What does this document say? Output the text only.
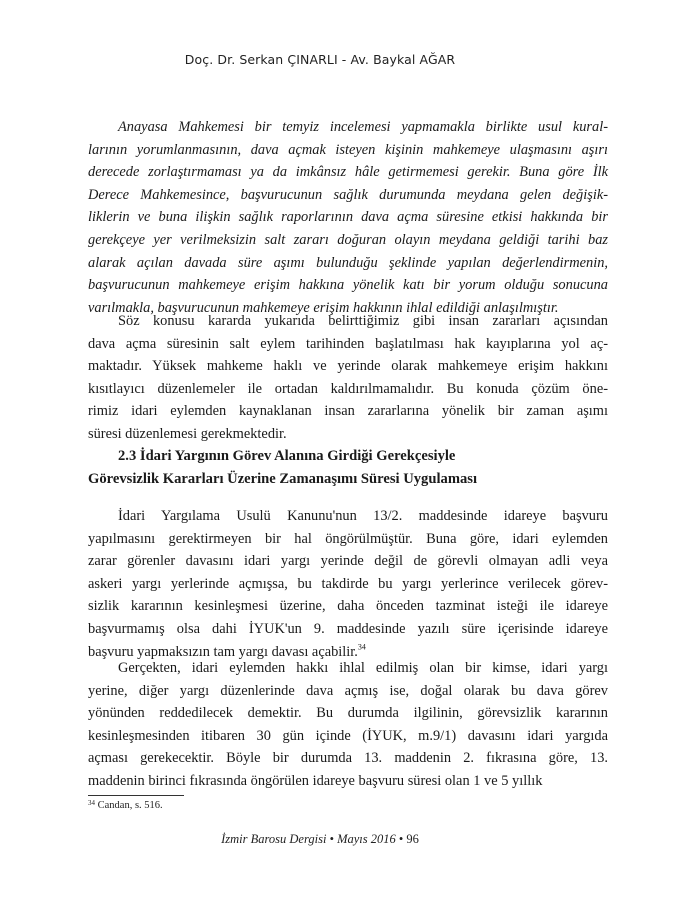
Doç. Dr. Serkan ÇINARLI - Av. Baykal AĞAR
Anayasa Mahkemesi bir temyiz incelemesi yapmamakla birlikte usul kural-
larının yorumlanmasının, dava açmak isteyen kişinin mahkemeye ulaşmasını aşırı
derecede zorlaştırmaması ya da imkânsız hâle getirmemesi gerekir. Buna göre İlk
Derece Mahkemesince, başvurucunun sağlık durumunda meydana gelen değişik-
liklerin ve buna ilişkin sağlık raporlarının dava açma süresine etkisi hakkında bir
gerekçeye yer verilmeksizin salt zararı doğuran olayın meydana geldiği tarihi baz
alarak açılan davada süre aşımı bulunduğu şeklinde yapılan değerlendirmenin,
başvurucunun mahkemeye erişim hakkına yönelik katı bir yorum olduğu sonucuna
varılmakla, başvurucunun mahkemeye erişim hakkının ihlal edildiği anlaşılmıştır.
Söz konusu kararda yukarıda belirttiğimiz gibi insan zararları açısından
dava açma süresinin salt eylem tarihinden başlatılması hak kayıplarına yol aç-
maktadır. Yüksek mahkeme haklı ve yerinde olarak mahkemeye erişim hakkını
kısıtlayıcı düzenlemeler ile ortadan kaldırılmamalıdır. Bu konuda çözüm öne-
rimiz idari eylemden kaynaklanan insan zararlarına yönelik bir zaman aşımı
süresi düzenlemesi gerekmektedir.
2.3 İdari Yargının Görev Alanına Girdiği Gerekçesiyle
Görevsizlik Kararları Üzerine Zamanaşımı Süresi Uygulaması
İdari Yargılama Usulü Kanunu'nun 13/2. maddesinde idareye başvuru
yapılmasını gerektirmeyen bir hal öngörülmüştür. Buna göre, idari eylemden
zarar görenler davasını idari yargı yerinde değil de görevli olmayan adli veya
askeri yargı yerlerinde açmışsa, bu takdirde bu yargı yerlerince verilecek görev-
sizlik kararının kesinleşmesi üzerine, daha önceden tazminat isteği ile idareye
başvurmamış olsa dahi İYUK'un 9. maddesinde yazılı süre içerisinde idareye
başvuru yapmaksızın tam yargı davası açabilir.$^{34}$
Gerçekten, idari eylemden hakkı ihlal edilmiş olan bir kimse, idari yargı
yerine, diğer yargı düzenlerinde dava açmış ise, doğal olarak bu dava görev
yönünden reddedilecek demektir. Bu durumda ilgilinin, görevsizlik kararının
kesinleşmesinden itibaren 30 gün içinde (İYUK, m.9/1) davasını idari yargıda
açması gerekecektir. Böyle bir durumda 13. maddenin 2. fıkrasına göre, 13.
maddenin birinci fıkrasında öngörülen idareye başvuru süresi olan 1 ve 5 yıllık
$^{34}$ Candan, s. 516.
İzmir Barosu Dergisi • Mayıs 2016 • 96
